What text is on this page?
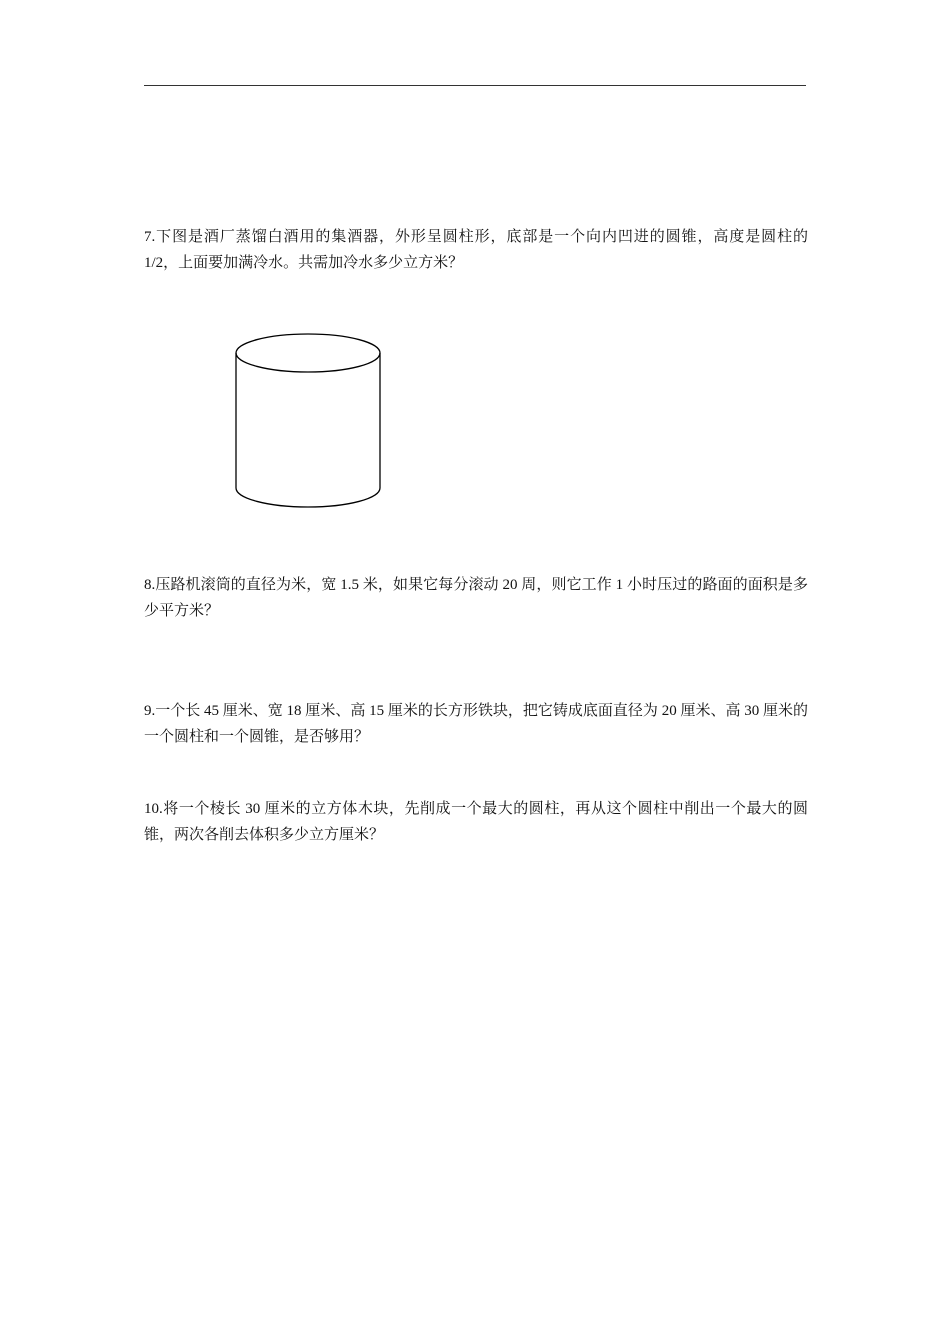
7.下图是酒厂蒸馏白酒用的集酒器，外形呈圆柱形，底部是一个向内凹进的圆锥，高度是圆柱的 1/2，上面要加满冷水。共需加冷水多少立方米？
8.压路机滚筒的直径为米，宽 1.5 米，如果它每分滚动 20 周，则它工作 1 小时压过的路面的面积是多少平方米？
9.一个长 45 厘米、宽 18 厘米、高 15 厘米的长方形铁块，把它铸成底面直径为 20 厘米、高 30 厘米的一个圆柱和一个圆锥，是否够用？
10.将一个棱长 30 厘米的立方体木块，先削成一个最大的圆柱，再从这个圆柱中削出一个最大的圆锥，两次各削去体积多少立方厘米？
